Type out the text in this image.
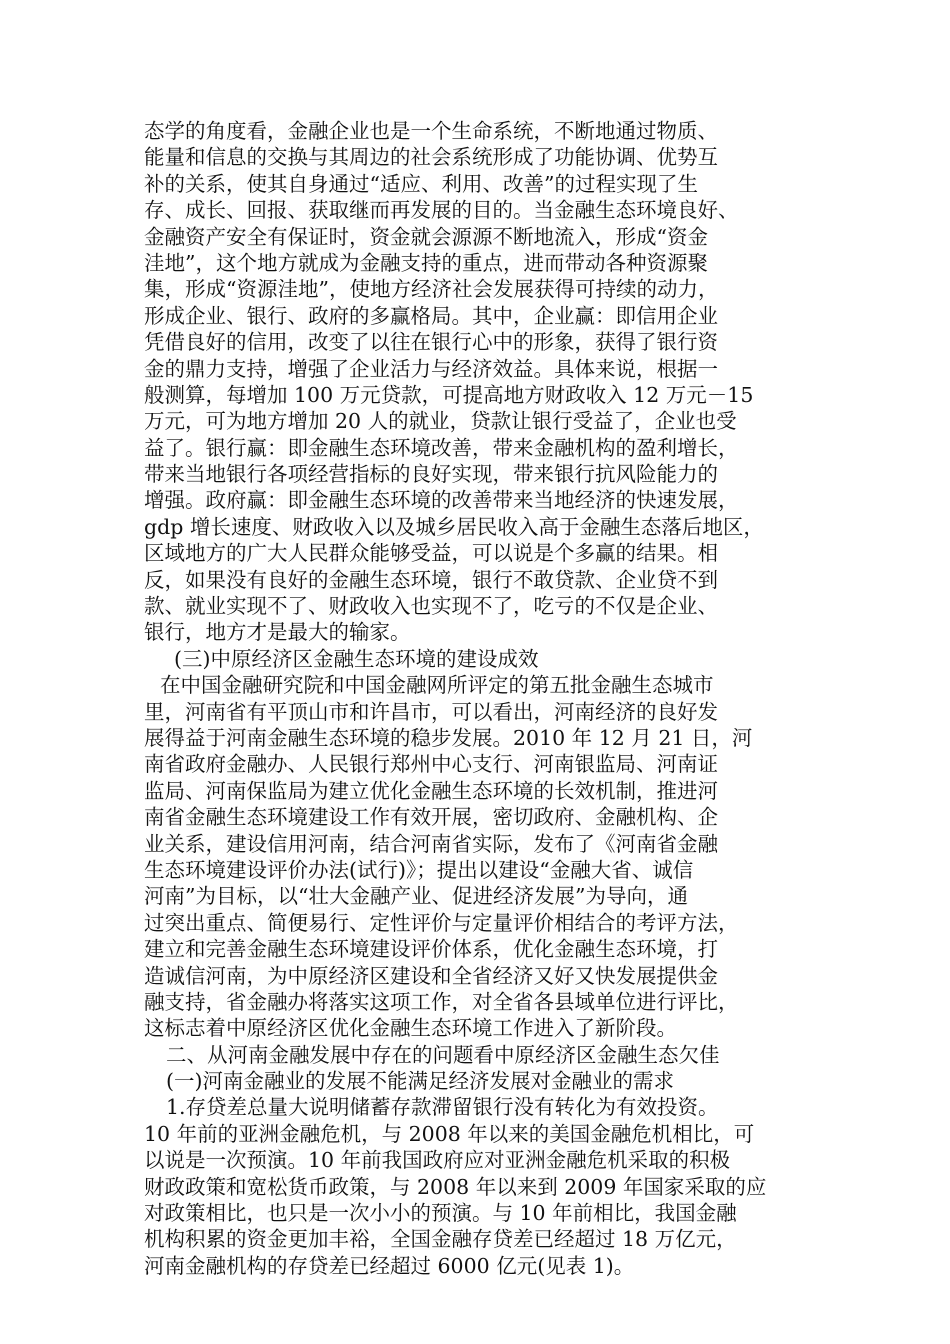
态学的角度看，金融企业也是一个生命系统，不断地通过物质、
能量和信息的交换与其周边的社会系统形成了功能协调、优势互
补的关系，使其自身通过“适应、利用、改善”的过程实现了生
存、成长、回报、获取继而再发展的目的。当金融生态环境良好、
金融资产安全有保证时，资金就会源源不断地流入，形成“资金
洼地”，这个地方就成为金融支持的重点，进而带动各种资源聚
集，形成“资源洼地”，使地方经济社会发展获得可持续的动力，
形成企业、银行、政府的多赢格局。其中，企业赢：即信用企业
凭借良好的信用，改变了以往在银行心中的形象，获得了银行资
金的鼎力支持，增强了企业活力与经济效益。具体来说，根据一
般测算，每增加 100 万元贷款，可提高地方财政收入 12 万元－15
万元，可为地方增加 20 人的就业，贷款让银行受益了，企业也受
益了。银行赢：即金融生态环境改善，带来金融机构的盈利增长，
带来当地银行各项经营指标的良好实现，带来银行抗风险能力的
增强。政府赢：即金融生态环境的改善带来当地经济的快速发展，
gdp 增长速度、财政收入以及城乡居民收入高于金融生态落后地区，
区域地方的广大人民群众能够受益，可以说是个多赢的结果。相
反，如果没有良好的金融生态环境，银行不敢贷款、企业贷不到
款、就业实现不了、财政收入也实现不了，吃亏的不仅是企业、
银行，地方才是最大的输家。
(三)中原经济区金融生态环境的建设成效
在中国金融研究院和中国金融网所评定的第五批金融生态城市
里，河南省有平顶山市和许昌市，可以看出，河南经济的良好发
展得益于河南金融生态环境的稳步发展。2010 年 12 月 21 日，河
南省政府金融办、人民银行郑州中心支行、河南银监局、河南证
监局、河南保监局为建立优化金融生态环境的长效机制，推进河
南省金融生态环境建设工作有效开展，密切政府、金融机构、企
业关系，建设信用河南，结合河南省实际，发布了《河南省金融
生态环境建设评价办法(试行)》；提出以建设“金融大省、诚信
河南”为目标，以“壮大金融产业、促进经济发展”为导向，通
过突出重点、简便易行、定性评价与定量评价相结合的考评方法，
建立和完善金融生态环境建设评价体系，优化金融生态环境，打
造诚信河南，为中原经济区建设和全省经济又好又快发展提供金
融支持，省金融办将落实这项工作，对全省各县域单位进行评比，
这标志着中原经济区优化金融生态环境工作进入了新阶段。
二、从河南金融发展中存在的问题看中原经济区金融生态欠佳
(一)河南金融业的发展不能满足经济发展对金融业的需求
1.存贷差总量大说明储蓄存款滞留银行没有转化为有效投资。
10 年前的亚洲金融危机，与 2008 年以来的美国金融危机相比，可
以说是一次预演。10 年前我国政府应对亚洲金融危机采取的积极
财政政策和宽松货币政策，与 2008 年以来到 2009 年国家采取的应
对政策相比，也只是一次小小的预演。与 10 年前相比，我国金融
机构积累的资金更加丰裕，全国金融存贷差已经超过 18 万亿元，
河南金融机构的存贷差已经超过 6000 亿元(见表 1)。
